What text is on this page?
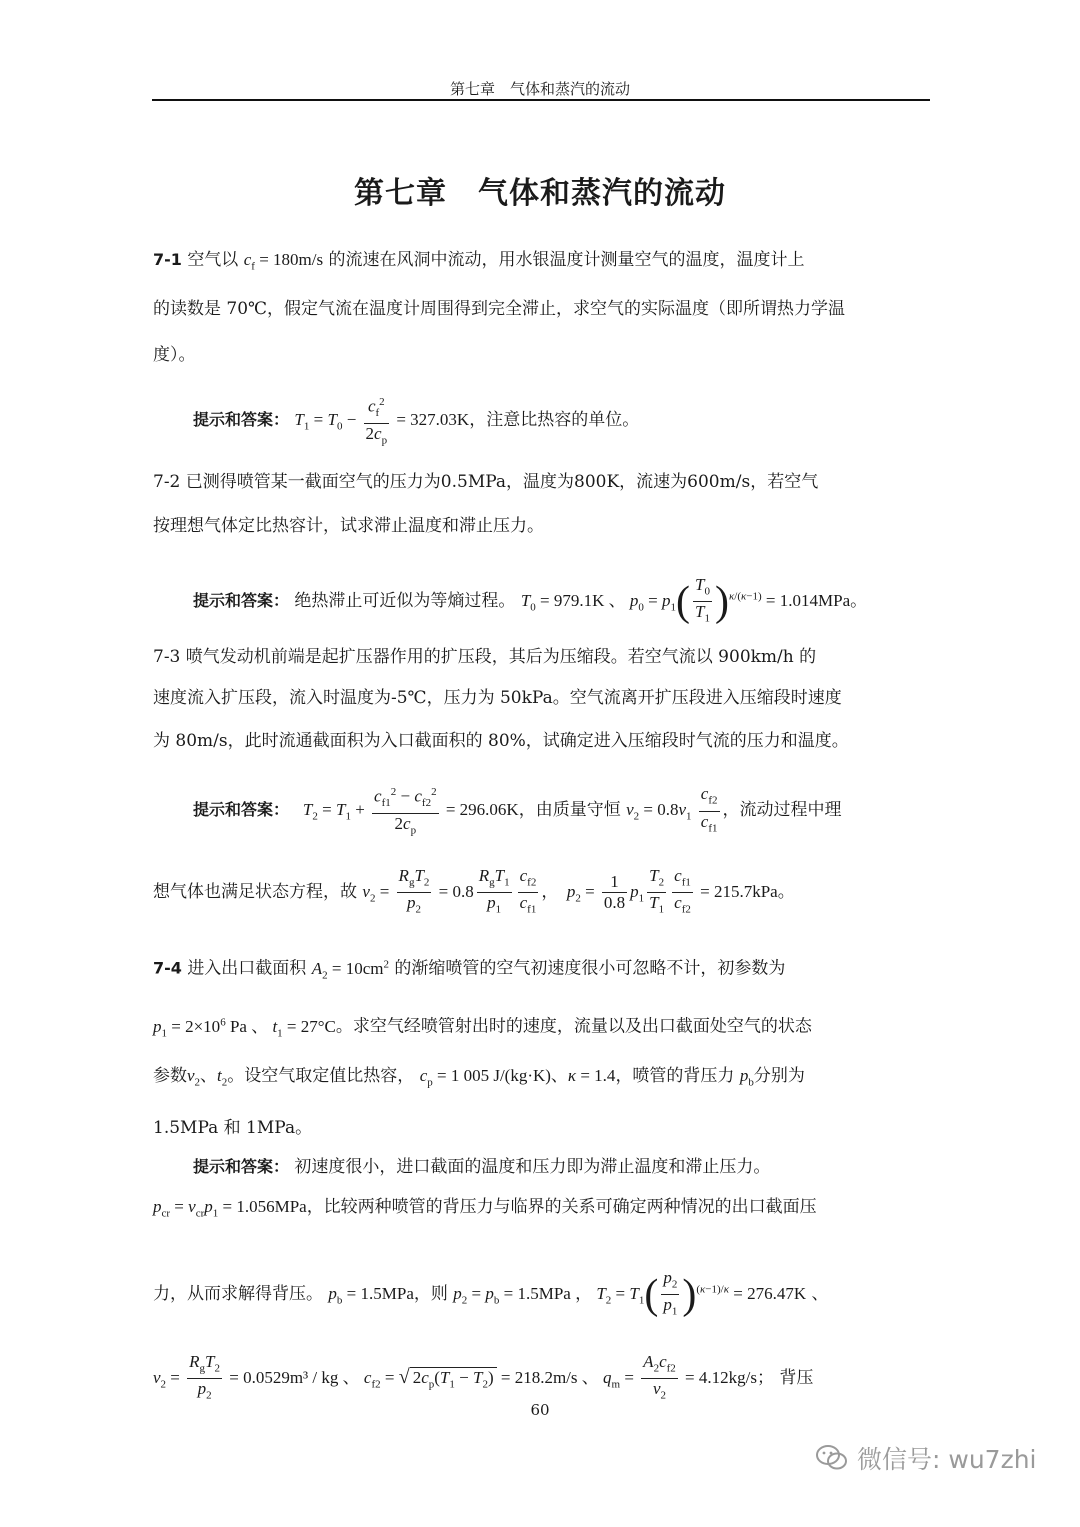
第七章　气体和蒸汽的流动
第七章　气体和蒸汽的流动
7-1 空气以 $c_f = 180m/s$ 的流速在风洞中流动，用水银温度计测量空气的温度，温度计上
的读数是 70℃，假定气流在温度计周围得到完全滞止，求空气的实际温度（即所谓热力学温
度）。
提示和答案： $T_1 = T_0 - \frac{c_f^2}{2c_p} = 327.03K$，注意比热容的单位。
7-2 已测得喷管某一截面空气的压力为0.5MPa，温度为800K，流速为600m/s，若空气
按理想气体定比热容计，试求滞止温度和滞止压力。
提示和答案： 绝热滞止可近似为等熵过程。 $T_0 = 979.1K$ 、 $p_0 = p_1( \frac{T_0}{T_1} )^{\kappa/(\kappa-1)} = 1.014MPa$。
7-3 喷气发动机前端是起扩压器作用的扩压段，其后为压缩段。若空气流以 900km/h 的
速度流入扩压段，流入时温度为-5℃，压力为 50kPa。空气流离开扩压段进入压缩段时速度
为 80m/s，此时流通截面积为入口截面积的 80%，试确定进入压缩段时气流的压力和温度。
提示和答案： $T_2 = T_1 + \frac{c_{f1}^2 - c_{f2}^2}{2c_p} = 296.06K$，由质量守恒 $v_2 = 0.8v_1 \frac{c_{f2}}{c_{f1}}$ ，流动过程中理
想气体也满足状态方程，故 $v_2 = \frac{R_gT_2}{p_2} = 0.8 \frac{R_gT_1}{p_1} \frac{c_{f2}}{c_{f1}}$ ，  $p_2 = \frac{1}{0.8} p_1 \frac{T_2}{T_1} \frac{c_{f1}}{c_{f2}} = 215.7kPa$。
7-4 进入出口截面积 $A_2 = 10cm^2$ 的渐缩喷管的空气初速度很小可忽略不计，初参数为
$p_1 = 2\times 10^6$ Pa 、 $t_1 = 27^\circ C$。求空气经喷管射出时的速度，流量以及出口截面处空气的状态
参数$v_2$、$t_2$。设空气取定值比热容， $c_p = 1$ 005 J/(kg·K)、κ = 1.4，喷管的背压力 $p_b$分别为
1.5MPa 和 1MPa。
提示和答案： 初速度很小，进口截面的温度和压力即为滞止温度和滞止压力。
$p_{cr} = \nu_{cr}p_1 = 1.056MPa$，比较两种喷管的背压力与临界的关系可确定两种情况的出口截面压
力，从而求解得背压。 $p_b = 1.5MPa$，则 $p_2 = p_b = 1.5MPa$ ， $T_2 = T_1( \frac{p_2}{p_1} )^{(\kappa-1)/\kappa} = 276.47K$ 、
$v_2 = \frac{R_gT_2}{p_2} = 0.0529m^3$ / kg 、 $c_{f2}$ = √ $2c_p(T_1 - T_2) = 218.2m/s$ 、 $q_m = \frac{A_2c_{f2}}{v_2} = 4.12kg/s$； 背压
60
微信号: wu7zhi
